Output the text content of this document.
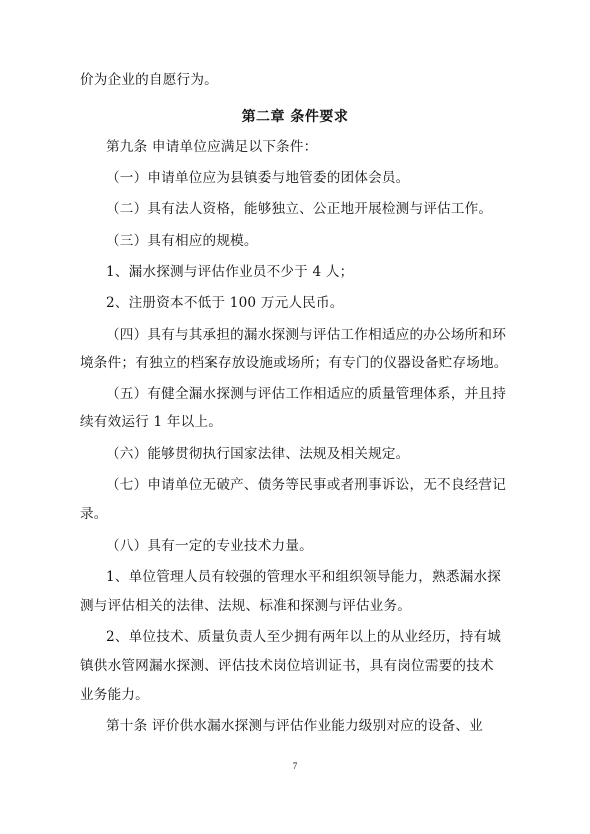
价为企业的自愿行为。
第二章 条件要求
第九条 申请单位应满足以下条件：
（一）申请单位应为县镇委与地管委的团体会员。
（二）具有法人资格，能够独立、公正地开展检测与评估工作。
（三）具有相应的规模。
1、漏水探测与评估作业员不少于 4 人；
2、注册资本不低于 100 万元人民币。
（四）具有与其承担的漏水探测与评估工作相适应的办公场所和环
境条件；有独立的档案存放设施或场所；有专门的仪器设备贮存场地。
（五）有健全漏水探测与评估工作相适应的质量管理体系，并且持
续有效运行 1 年以上。
（六）能够贯彻执行国家法律、法规及相关规定。
（七）申请单位无破产、债务等民事或者刑事诉讼，无不良经营记
录。
（八）具有一定的专业技术力量。
1、单位管理人员有较强的管理水平和组织领导能力，熟悉漏水探
测与评估相关的法律、法规、标准和探测与评估业务。
2、单位技术、质量负责人至少拥有两年以上的从业经历，持有城
镇供水管网漏水探测、评估技术岗位培训证书，具有岗位需要的技术
业务能力。
第十条 评价供水漏水探测与评估作业能力级别对应的设备、业
7
